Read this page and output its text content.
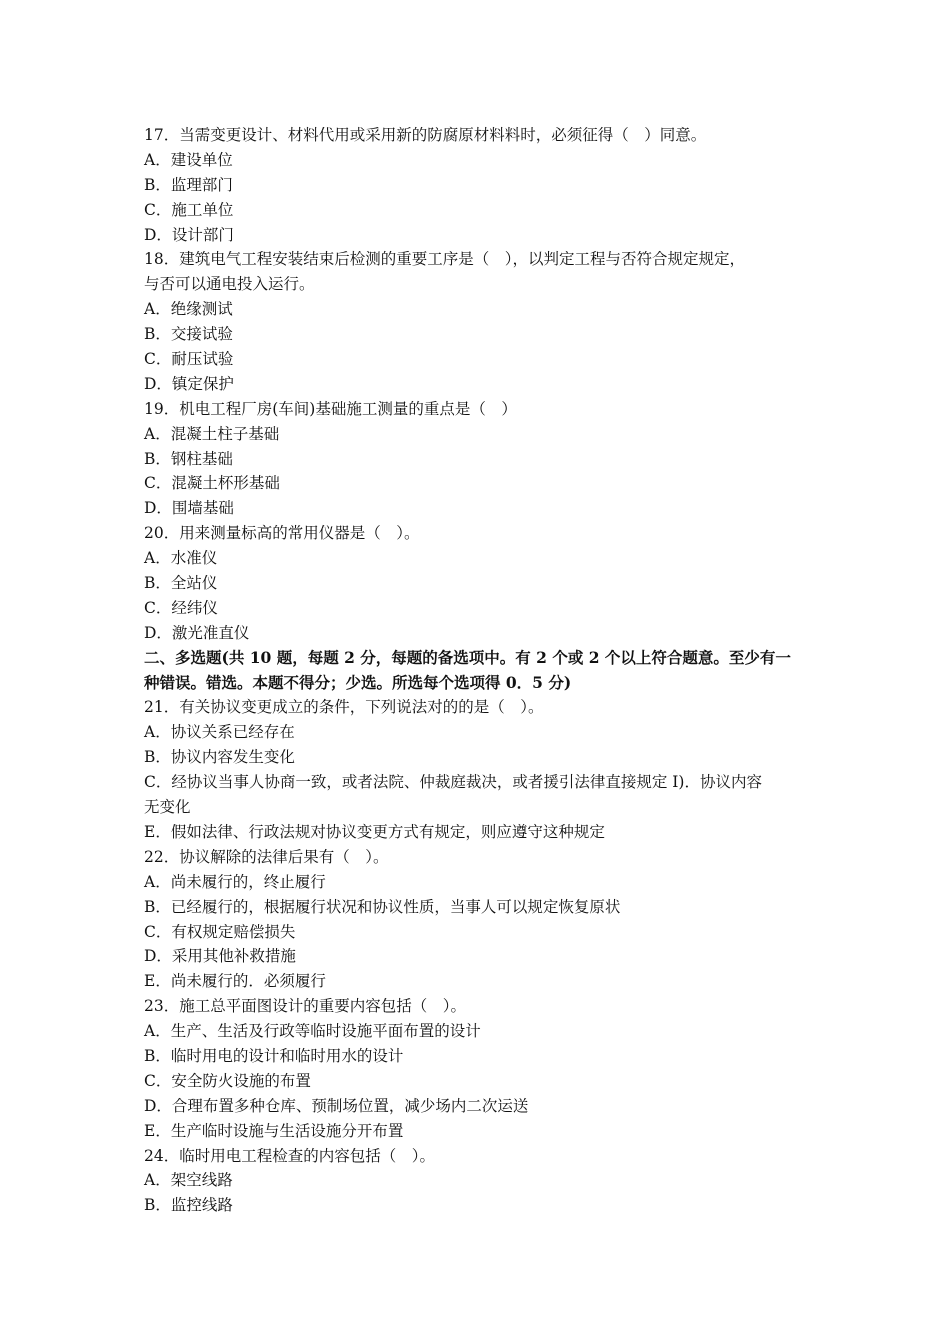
17．当需变更设计、材料代用或采用新的防腐原材料料时，必须征得（　）同意。
A．建设单位
B．监理部门
C．施工单位
D．设计部门
18．建筑电气工程安装结束后检测的重要工序是（　），以判定工程与否符合规定规定，
与否可以通电投入运行。
A．绝缘测试
B．交接试验
C．耐压试验
D．镇定保护
19．机电工程厂房(车间)基础施工测量的重点是（　）
A．混凝土柱子基础
B．钢柱基础
C．混凝土杯形基础
D．围墙基础
20．用来测量标高的常用仪器是（　）。
A．水准仪
B．全站仪
C．经纬仪
D．激光准直仪
二、多选题(共 10 题，每题 2 分，每题的备选项中。有 2 个或 2 个以上符合题意。至少有一
种错误。错选。本题不得分；少选。所选每个选项得 0．5 分)
21．有关协议变更成立的条件，下列说法对的的是（　）。
A．协议关系已经存在
B．协议内容发生变化
C．经协议当事人协商一致，或者法院、仲裁庭裁决，或者援引法律直接规定 I)．协议内容
无变化
E．假如法律、行政法规对协议变更方式有规定，则应遵守这种规定
22．协议解除的法律后果有（　）。
A．尚未履行的，终止履行
B．已经履行的，根据履行状况和协议性质，当事人可以规定恢复原状
C．有权规定赔偿损失
D．采用其他补救措施
E．尚未履行的．必须履行
23．施工总平面图设计的重要内容包括（　）。
A．生产、生活及行政等临时设施平面布置的设计
B．临时用电的设计和临时用水的设计
C．安全防火设施的布置
D．合理布置多种仓库、预制场位置，减少场内二次运送
E．生产临时设施与生活设施分开布置
24．临时用电工程检查的内容包括（　）。
A．架空线路
B．监控线路
